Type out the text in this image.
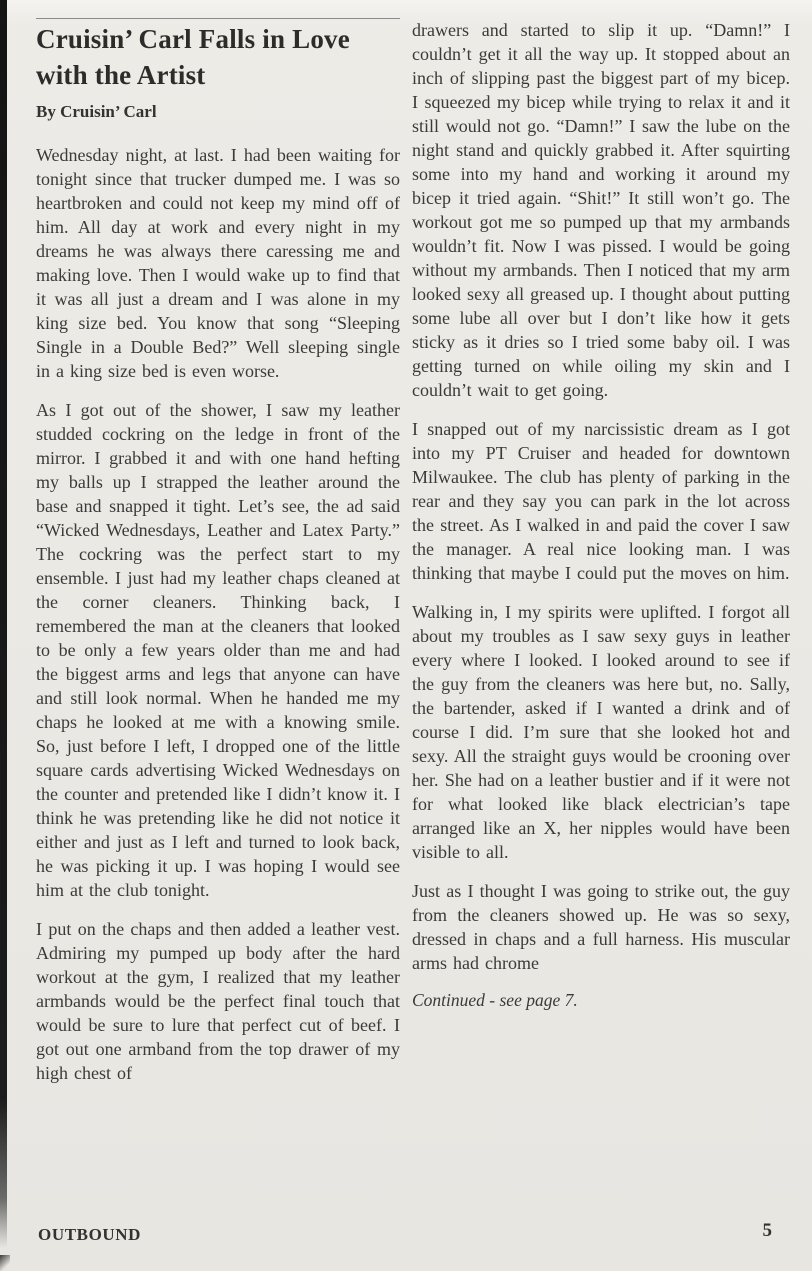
Cruisin’ Carl Falls in Love with the Artist
By Cruisin’ Carl

Wednesday night, at last. I had been waiting for tonight since that trucker dumped me. I was so heartbroken and could not keep my mind off of him. All day at work and every night in my dreams he was always there caressing me and making love. Then I would wake up to find that it was all just a dream and I was alone in my king size bed. You know that song “Sleeping Single in a Double Bed?” Well sleeping single in a king size bed is even worse.

As I got out of the shower, I saw my leather studded cockring on the ledge in front of the mirror. I grabbed it and with one hand hefting my balls up I strapped the leather around the base and snapped it tight. Let’s see, the ad said “Wicked Wednesdays, Leather and Latex Party.” The cockring was the perfect start to my ensemble. I just had my leather chaps cleaned at the corner cleaners. Thinking back, I remembered the man at the cleaners that looked to be only a few years older than me and had the biggest arms and legs that anyone can have and still look normal. When he handed me my chaps he looked at me with a knowing smile. So, just before I left, I dropped one of the little square cards advertising Wicked Wednesdays on the counter and pretended like I didn’t know it. I think he was pretending like he did not notice it either and just as I left and turned to look back, he was picking it up. I was hoping I would see him at the club tonight.

I put on the chaps and then added a leather vest. Admiring my pumped up body after the hard workout at the gym, I realized that my leather armbands would be the perfect final touch that would be sure to lure that perfect cut of beef. I got out one armband from the top drawer of my high chest of

drawers and started to slip it up. “Damn!” I couldn’t get it all the way up. It stopped about an inch of slipping past the biggest part of my bicep. I squeezed my bicep while trying to relax it and it still would not go. “Damn!” I saw the lube on the night stand and quickly grabbed it. After squirting some into my hand and working it around my bicep it tried again. “Shit!” It still won’t go. The workout got me so pumped up that my armbands wouldn’t fit. Now I was pissed. I would be going without my armbands. Then I noticed that my arm looked sexy all greased up. I thought about putting some lube all over but I don’t like how it gets sticky as it dries so I tried some baby oil. I was getting turned on while oiling my skin and I couldn’t wait to get going.

I snapped out of my narcissistic dream as I got into my PT Cruiser and headed for downtown Milwaukee. The club has plenty of parking in the rear and they say you can park in the lot across the street. As I walked in and paid the cover I saw the manager. A real nice looking man. I was thinking that maybe I could put the moves on him.

Walking in, I my spirits were uplifted. I forgot all about my troubles as I saw sexy guys in leather every where I looked. I looked around to see if the guy from the cleaners was here but, no. Sally, the bartender, asked if I wanted a drink and of course I did. I’m sure that she looked hot and sexy. All the straight guys would be crooning over her. She had on a leather bustier and if it were not for what looked like black electrician’s tape arranged like an X, her nipples would have been visible to all.

Just as I thought I was going to strike out, the guy from the cleaners showed up. He was so sexy, dressed in chaps and a full harness. His muscular arms had chrome

Continued - see page 7.

OUTBOUND	5
